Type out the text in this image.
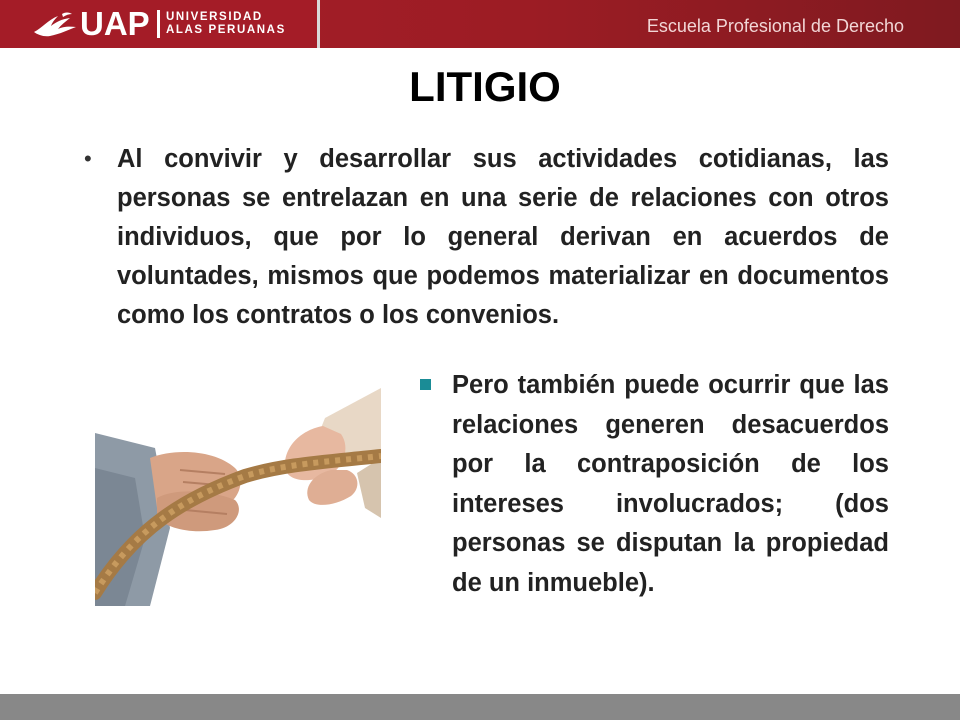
UAP UNIVERSIDAD
ALAS PERUANAS	Escuela Profesional de Derecho
LITIGIO
• Al convivir y desarrollar sus actividades cotidianas, las personas se entrelazan en una serie de relaciones con otros individuos, que por lo general derivan en acuerdos de voluntades, mismos que podemos materializar en documentos como los contratos o los convenios.
Pero también puede ocurrir que las relaciones generen desacuerdos por la contraposición de los intereses involucrados; (dos personas se disputan la propiedad de un inmueble).
